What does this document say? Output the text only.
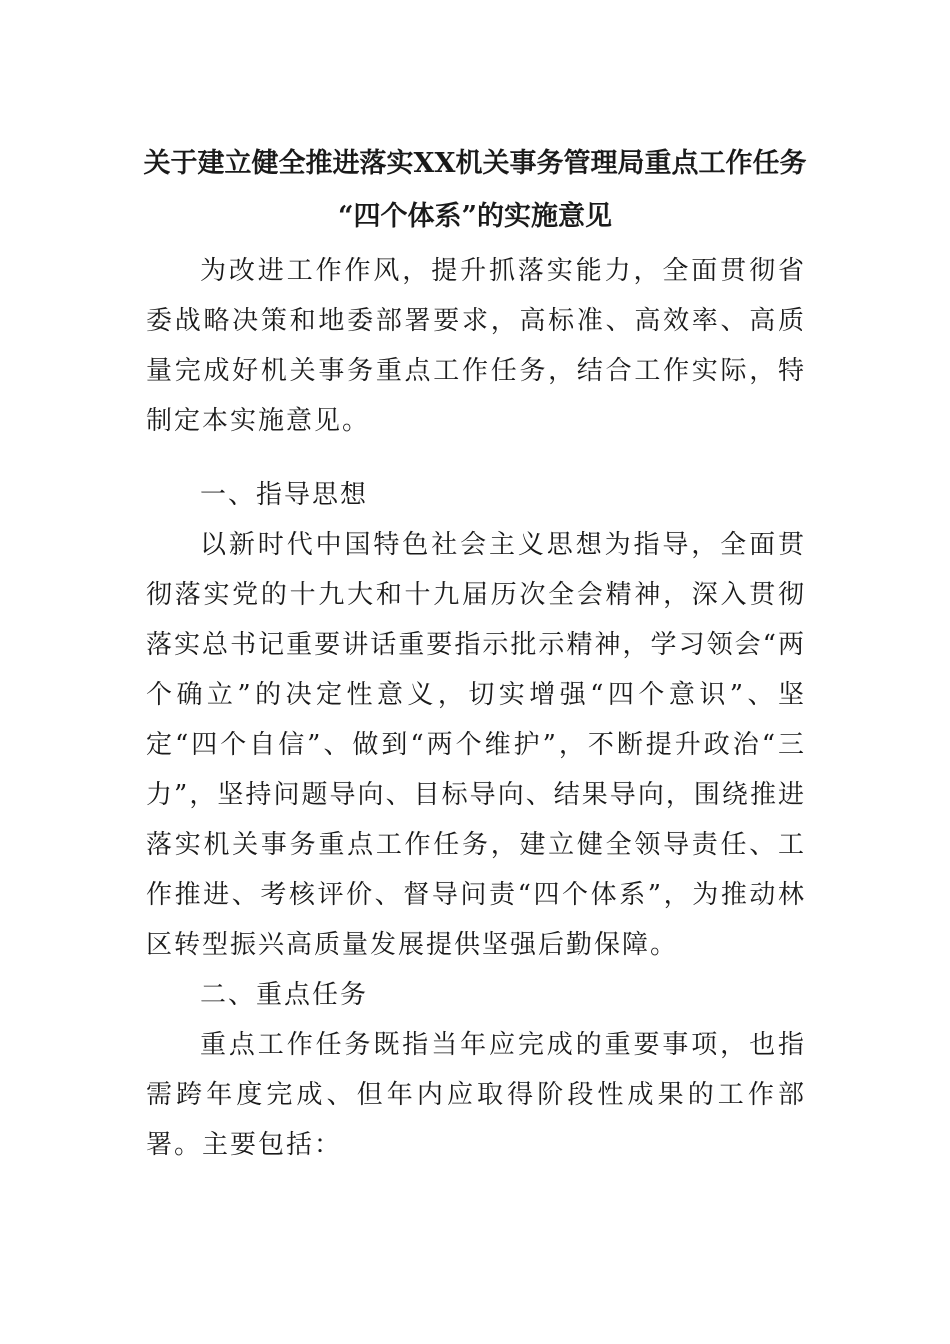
关于建立健全推进落实XX机关事务管理局重点工作任务
“四个体系”的实施意见

为改进工作作风，提升抓落实能力，全面贯彻省委战略决策和地委部署要求，高标准、高效率、高质量完成好机关事务重点工作任务，结合工作实际，特制定本实施意见。

一、指导思想

以新时代中国特色社会主义思想为指导，全面贯彻落实党的十九大和十九届历次全会精神，深入贯彻落实总书记重要讲话重要指示批示精神，学习领会“两个确立”的决定性意义，切实增强“四个意识”、坚定“四个自信”、做到“两个维护”，不断提升政治“三力”，坚持问题导向、目标导向、结果导向，围绕推进落实机关事务重点工作任务，建立健全领导责任、工作推进、考核评价、督导问责“四个体系”，为推动林区转型振兴高质量发展提供坚强后勤保障。

二、重点任务

重点工作任务既指当年应完成的重要事项，也指需跨年度完成、但年内应取得阶段性成果的工作部署。主要包括：
